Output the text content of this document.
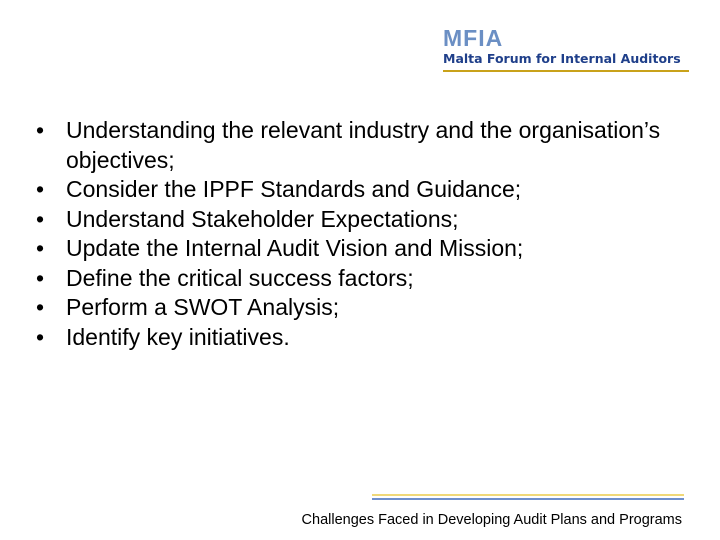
MFIA
Malta Forum for Internal Auditors
• Understanding the relevant industry and the organisation’s objectives;
• Consider the IPPF Standards and Guidance;
• Understand Stakeholder Expectations;
• Update the Internal Audit Vision and Mission;
• Define the critical success factors;
• Perform a SWOT Analysis;
• Identify key initiatives.
Challenges Faced in Developing Audit Plans and Programs
